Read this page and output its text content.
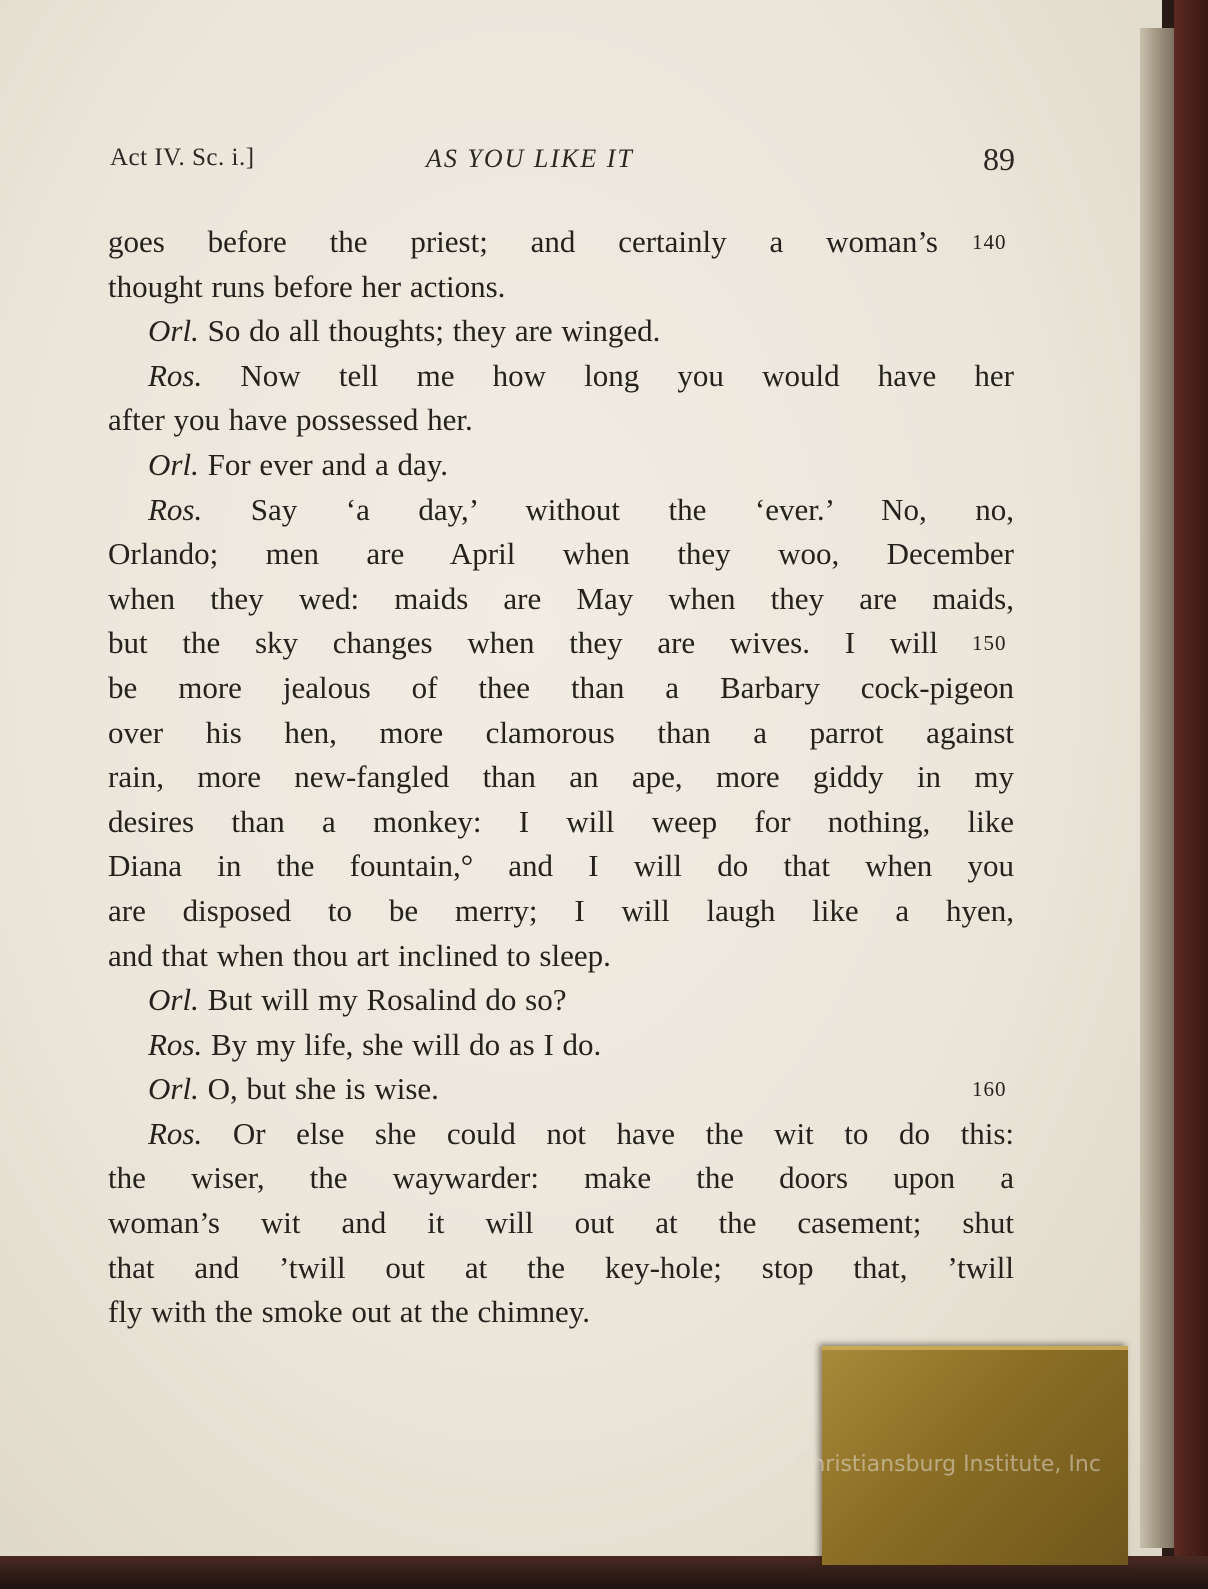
Act IV. Sc. i.]	AS YOU LIKE IT	89
goes before the priest; and certainly a woman’s 140
thought runs before her actions.
Orl. So do all thoughts; they are winged.
Ros. Now tell me how long you would have her
after you have possessed her.
Orl. For ever and a day.
Ros. Say ‘a day,’ without the ‘ever.’ No, no,
Orlando; men are April when they woo, December
when they wed: maids are May when they are maids,
but the sky changes when they are wives. I will 150
be more jealous of thee than a Barbary cock-pigeon
over his hen, more clamorous than a parrot against
rain, more new-fangled than an ape, more giddy in my
desires than a monkey: I will weep for nothing, like
Diana in the fountain,° and I will do that when you
are disposed to be merry; I will laugh like a hyen,
and that when thou art inclined to sleep.
Orl. But will my Rosalind do so?
Ros. By my life, she will do as I do.
Orl. O, but she is wise.	160
Ros. Or else she could not have the wit to do this:
the wiser, the waywarder: make the doors upon a
woman’s wit and it will out at the casement; shut
that and ’twill out at the key-hole; stop that, ’twill
fly with the smoke out at the chimney.
Christiansburg Institute, Inc
